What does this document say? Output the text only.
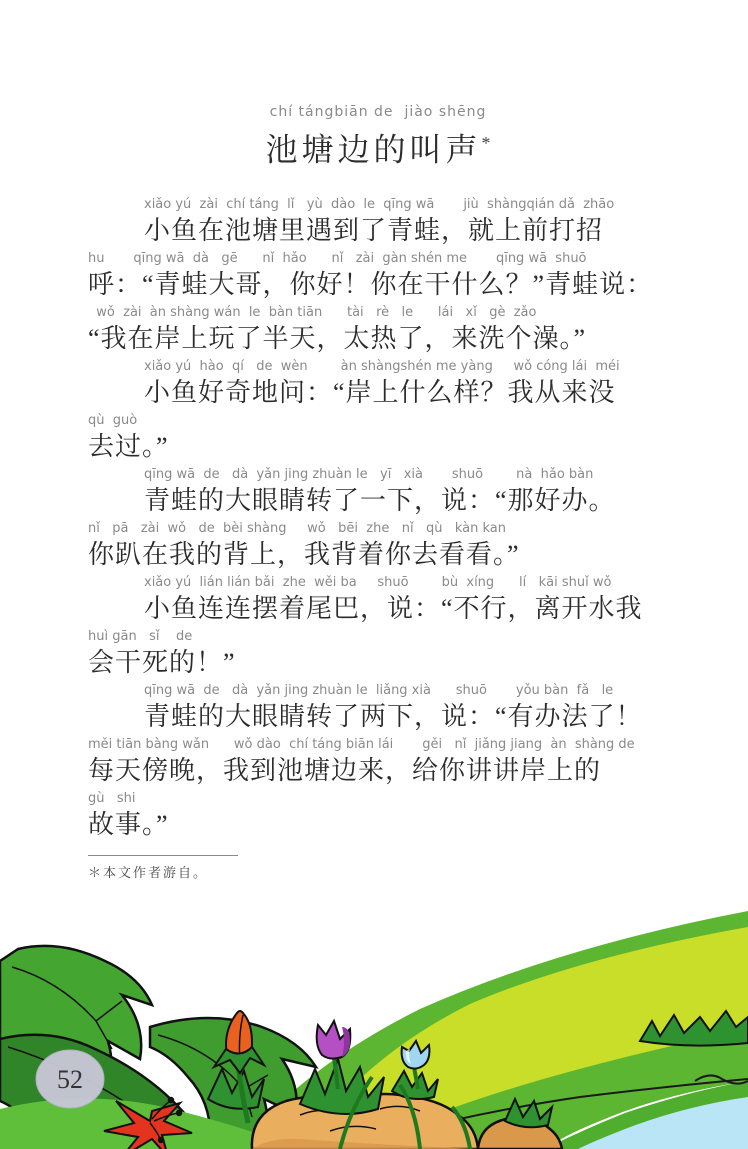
chí tángbiān de  jiào shēng
池塘边的叫声*
xiǎo yú  zài  chí táng  lǐ   yù  dào  le  qīng wā       jiù  shàngqián dǎ  zhāo
小鱼在池塘里遇到了青蛙，就上前打招
hu       qīng wā  dà   gē      nǐ  hǎo      nǐ   zài  gàn shén me       qīng wā  shuō
呼：“青蛙大哥，你好！你在干什么？”青蛙说：
wǒ  zài  àn shàng wán  le  bàn tiān      tài   rè   le      lái   xǐ   gè  zǎo
“我在岸上玩了半天，太热了，来洗个澡。”
xiǎo yú  hào  qí   de  wèn        àn shàngshén me yàng     wǒ cóng lái  méi
小鱼好奇地问：“岸上什么样？我从来没
qù  guò
去过。”
qīng wā  de   dà  yǎn jing zhuàn le   yī   xià       shuō        nà  hǎo bàn
青蛙的大眼睛转了一下，说：“那好办。
nǐ   pā   zài  wǒ   de  bèi shàng     wǒ   bēi  zhe   nǐ   qù   kàn kan
你趴在我的背上，我背着你去看看。”
xiǎo yú  lián lián bǎi  zhe  wěi ba     shuō        bù  xíng      lí   kāi shuǐ wǒ
小鱼连连摆着尾巴，说：“不行，离开水我
huì gān   sǐ    de
会干死的！”
qīng wā  de   dà  yǎn jing zhuàn le  liǎng xià      shuō       yǒu bàn  fǎ   le
青蛙的大眼睛转了两下，说：“有办法了！
měi tiān bàng wǎn      wǒ dào  chí táng biān lái       gěi   nǐ  jiǎng jiang  àn  shàng de
每天傍晚，我到池塘边来，给你讲讲岸上的
gù   shi
故事。”
＊本文作者游自。
52
